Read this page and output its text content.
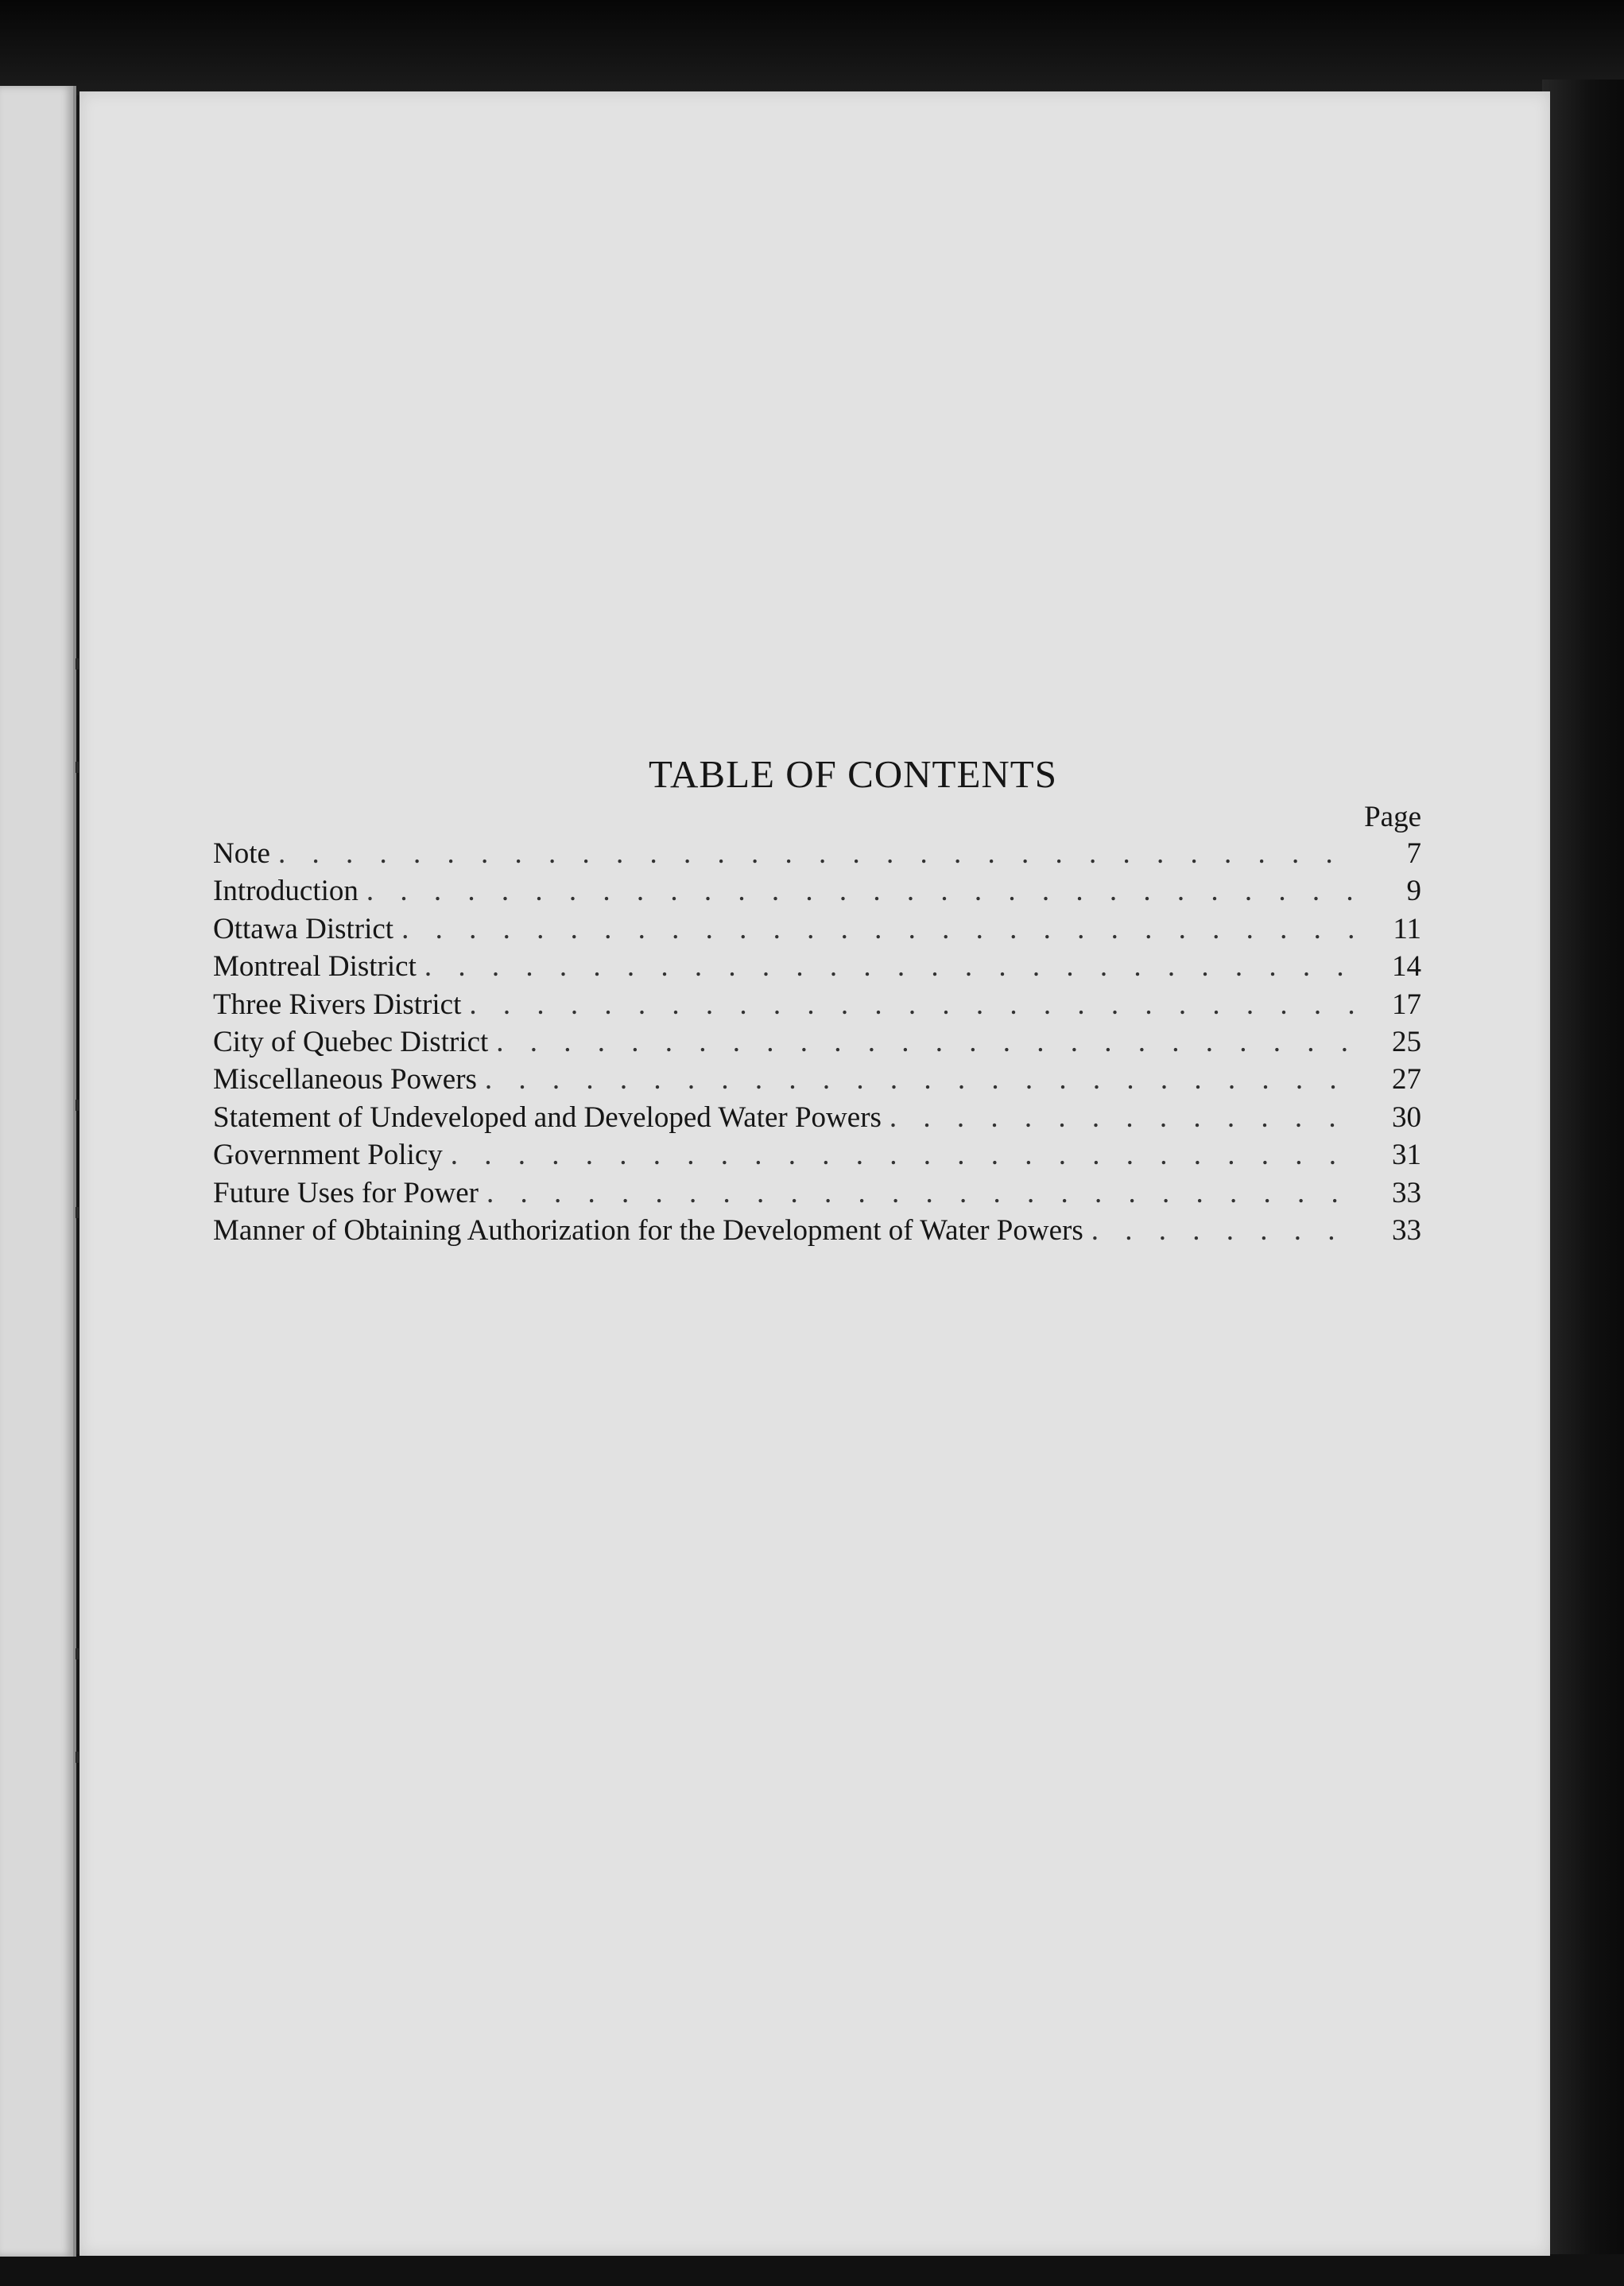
TABLE OF CONTENTS
Page
Note . . .	7
Introduction . . .	9
Ottawa District . . .	11
Montreal District . . .	14
Three Rivers District . . .	17
City of Quebec District . . .	25
Miscellaneous Powers . . .	27
Statement of Undeveloped and Developed Water Powers . . .	30
Government Policy . . .	31
Future Uses for Power . . .	33
Manner of Obtaining Authorization for the Development of Water Powers . . .	33
